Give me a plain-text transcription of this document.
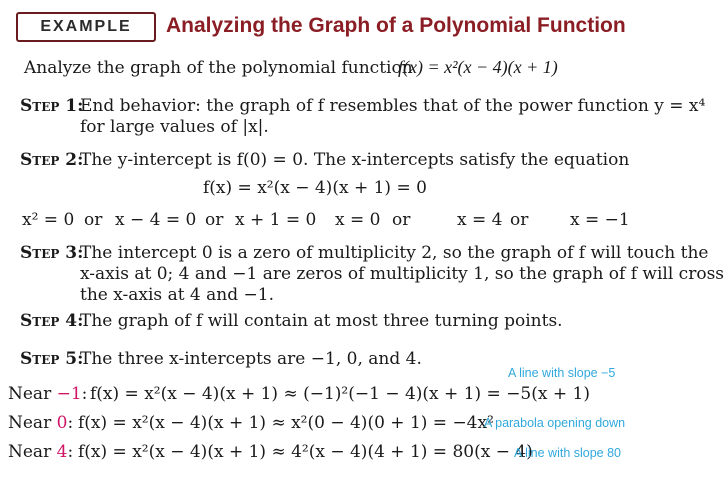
EXAMPLE Analyzing the Graph of a Polynomial Function
Analyze the graph of the polynomial function
f(x) = x²(x − 4)(x + 1)
Step 1:
End behavior: the graph of f resembles that of the power function y = x⁴
for large values of |x|.
Step 2:
The y-intercept is f(0) = 0. The x-intercepts satisfy the equation
f(x) = x²(x − 4)(x + 1) = 0
x² = 0 or x − 4 = 0 or x + 1 = 0 x = 0 or	x = 4 or x = −1
Step 3:
The intercept 0 is a zero of multiplicity 2, so the graph of f will touch the
x-axis at 0; 4 and −1 are zeros of multiplicity 1, so the graph of f will cross
the x-axis at 4 and −1.
Step 4:
The graph of f will contain at most three turning points.
Step 5:
The three x-intercepts are −1, 0, and 4.
A line with slope −5
Near −1: f(x) = x²(x − 4)(x + 1) ≈ (−1)²(−1 − 4)(x + 1) = −5(x + 1)
Near 0: f(x) = x²(x − 4)(x + 1) ≈ x²(0 − 4)(0 + 1) = −4x²
A parabola opening down
Near 4: f(x) = x²(x − 4)(x + 1) ≈ 4²(x − 4)(4 + 1) = 80(x − 4)
A line with slope 80
